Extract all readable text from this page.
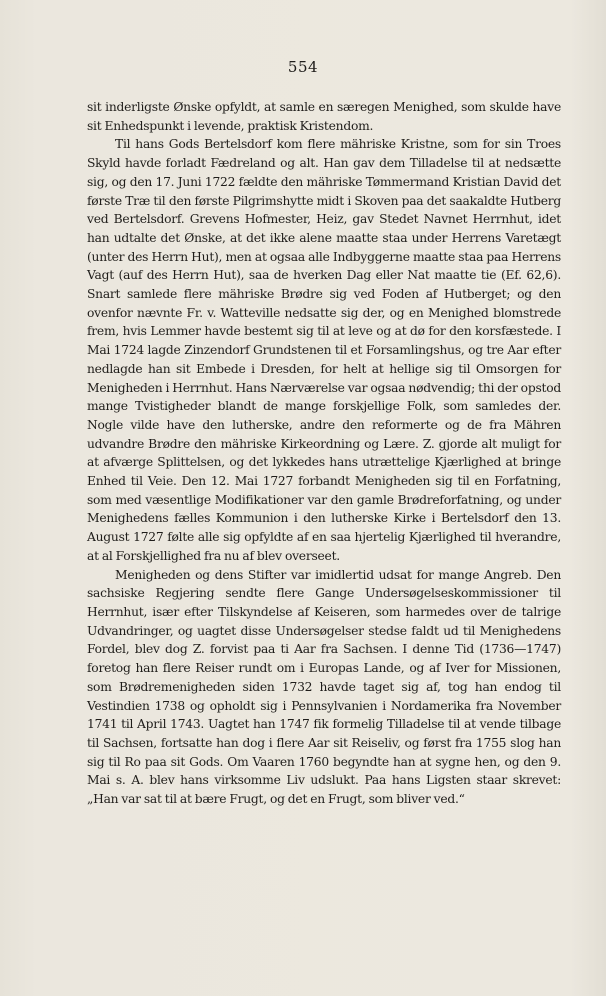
554

sit inderligste Ønske opfyldt, at samle en særegen Menighed, som skulde have sit Enhedspunkt i levende, praktisk Kristendom.

Til hans Gods Bertelsdorf kom flere mähriske Kristne, som for sin Troes Skyld havde forladt Fædreland og alt. Han gav dem Tilladelse til at nedsætte sig, og den 17. Juni 1722 fældte den mähriske Tømmermand Kristian David det første Træ til den første Pilgrimshytte midt i Skoven paa det saakaldte Hutberg ved Bertelsdorf. Grevens Hofmester, Heiz, gav Stedet Navnet Herrnhut, idet han udtalte det Ønske, at det ikke alene maatte staa under Herrens Varetægt (unter des Herrn Hut), men at ogsaa alle Indbyggerne maatte staa paa Herrens Vagt (auf des Herrn Hut), saa de hverken Dag eller Nat maatte tie (Ef. 62,6). Snart samlede flere mähriske Brødre sig ved Foden af Hutberget; og den ovenfor nævnte Fr. v. Watteville nedsatte sig der, og en Menighed blomstrede frem, hvis Lemmer havde bestemt sig til at leve og at dø for den korsfæstede. I Mai 1724 lagde Zinzendorf Grundstenen til et Forsamlingshus, og tre Aar efter nedlagde han sit Embede i Dresden, for helt at hellige sig til Omsorgen for Menigheden i Herrnhut. Hans Nærværelse var ogsaa nødvendig; thi der opstod mange Tvistigheder blandt de mange forskjellige Folk, som samledes der. Nogle vilde have den lutherske, andre den reformerte og de fra Mähren udvandre Brødre den mähriske Kirkeordning og Lære. Z. gjorde alt muligt for at afværge Splittelsen, og det lykkedes hans utrættelige Kjærlighed at bringe Enhed til Veie. Den 12. Mai 1727 forbandt Menigheden sig til en Forfatning, som med væsentlige Modifikationer var den gamle Brødreforfatning, og under Menighedens fælles Kommunion i den lutherske Kirke i Bertelsdorf den 13. August 1727 følte alle sig opfyldte af en saa hjertelig Kjærlighed til hverandre, at al Forskjellighed fra nu af blev overseet.

Menigheden og dens Stifter var imidlertid udsat for mange Angreb. Den sachsiske Regjering sendte flere Gange Undersøgelseskommissioner til Herrnhut, især efter Tilskyndelse af Keiseren, som harmedes over de talrige Udvandringer, og uagtet disse Undersøgelser stedse faldt ud til Menighedens Fordel, blev dog Z. forvist paa ti Aar fra Sachsen. I denne Tid (1736—1747) foretog han flere Reiser rundt om i Europas Lande, og af Iver for Missionen, som Brødremenigheden siden 1732 havde taget sig af, tog han endog til Vestindien 1738 og opholdt sig i Pennsylvanien i Nordamerika fra November 1741 til April 1743. Uagtet han 1747 fik formelig Tilladelse til at vende tilbage til Sachsen, fortsatte han dog i flere Aar sit Reiseliv, og først fra 1755 slog han sig til Ro paa sit Gods. Om Vaaren 1760 begyndte han at sygne hen, og den 9. Mai s. A. blev hans virksomme Liv udslukt. Paa hans Ligsten staar skrevet: „Han var sat til at bære Frugt, og det en Frugt, som bliver ved.“
